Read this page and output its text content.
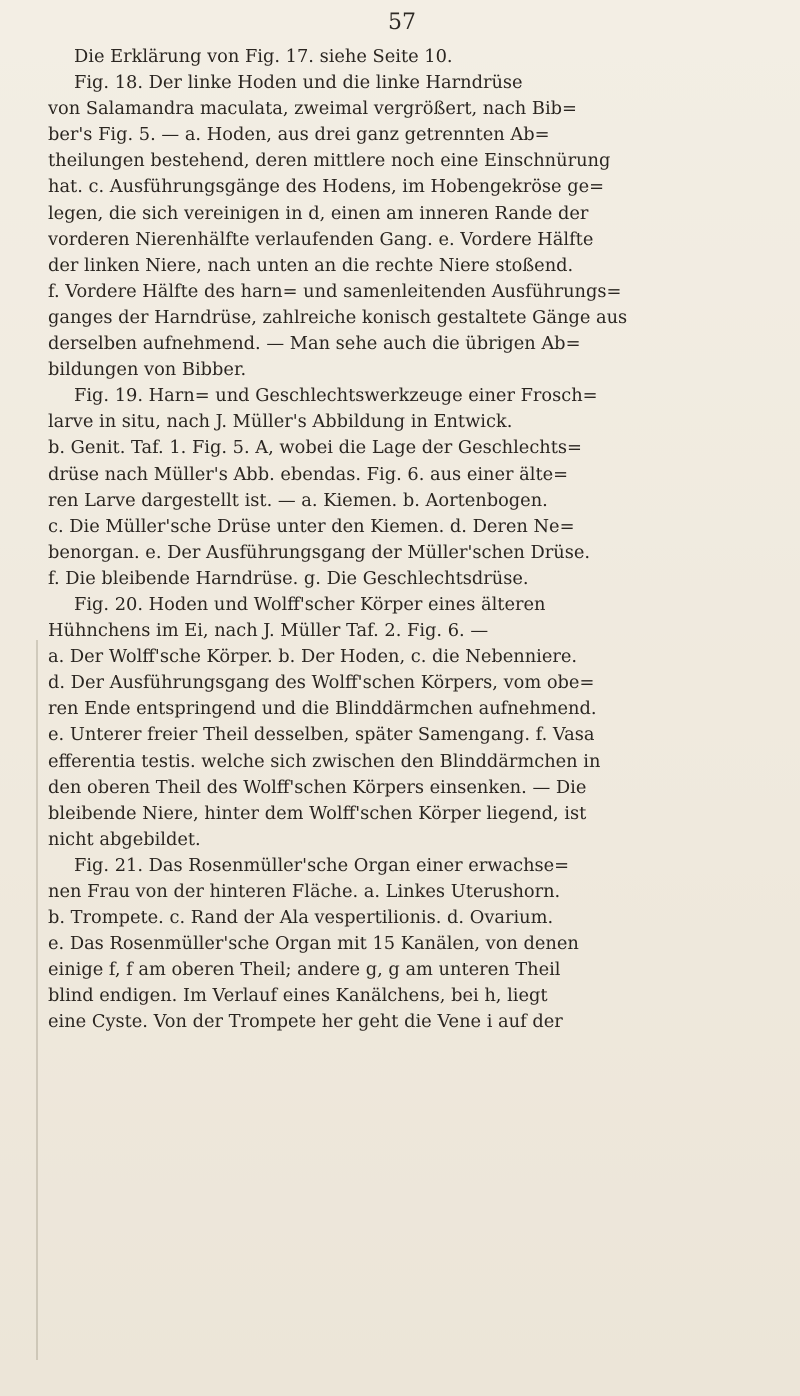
57
Die Erklärung von Fig. 17. siehe Seite 10.
Fig. 18. Der linke Hoden und die linke Harndrüse
von Salamandra maculata, zweimal vergrößert, nach Bib=
ber's Fig. 5. — a. Hoden, aus drei ganz getrennten Ab=
theilungen bestehend, deren mittlere noch eine Einschnürung
hat. c. Ausführungsgänge des Hodens, im Hobengekröse ge=
legen, die sich vereinigen in d, einen am inneren Rande der
vorderen Nierenhälfte verlaufenden Gang. e. Vordere Hälfte
der linken Niere, nach unten an die rechte Niere stoßend.
f. Vordere Hälfte des harn= und samenleitenden Ausführungs=
ganges der Harndrüse, zahlreiche konisch gestaltete Gänge aus
derselben aufnehmend. — Man sehe auch die übrigen Ab=
bildungen von Bibber.
Fig. 19. Harn= und Geschlechtswerkzeuge einer Frosch=
larve in situ, nach J. Müller's Abbildung in Entwick.
b. Genit. Taf. 1. Fig. 5. A, wobei die Lage der Geschlechts=
drüse nach Müller's Abb. ebendas. Fig. 6. aus einer älte=
ren Larve dargestellt ist. — a. Kiemen. b. Aortenbogen.
c. Die Müller'sche Drüse unter den Kiemen. d. Deren Ne=
benorgan. e. Der Ausführungsgang der Müller'schen Drüse.
f. Die bleibende Harndrüse. g. Die Geschlechtsdrüse.
Fig. 20. Hoden und Wolff'scher Körper eines älteren
Hühnchens im Ei, nach J. Müller Taf. 2. Fig. 6. —
a. Der Wolff'sche Körper. b. Der Hoden, c. die Nebenniere.
d. Der Ausführungsgang des Wolff'schen Körpers, vom obe=
ren Ende entspringend und die Blinddärmchen aufnehmend.
e. Unterer freier Theil desselben, später Samengang. f. Vasa
efferentia testis. welche sich zwischen den Blinddärmchen in
den oberen Theil des Wolff'schen Körpers einsenken. — Die
bleibende Niere, hinter dem Wolff'schen Körper liegend, ist
nicht abgebildet.
Fig. 21. Das Rosenmüller'sche Organ einer erwachse=
nen Frau von der hinteren Fläche. a. Linkes Uterushorn.
b. Trompete. c. Rand der Ala vespertilionis. d. Ovarium.
e. Das Rosenmüller'sche Organ mit 15 Kanälen, von denen
einige f, f am oberen Theil; andere g, g am unteren Theil
blind endigen. Im Verlauf eines Kanälchens, bei h, liegt
eine Cyste. Von der Trompete her geht die Vene i auf der
